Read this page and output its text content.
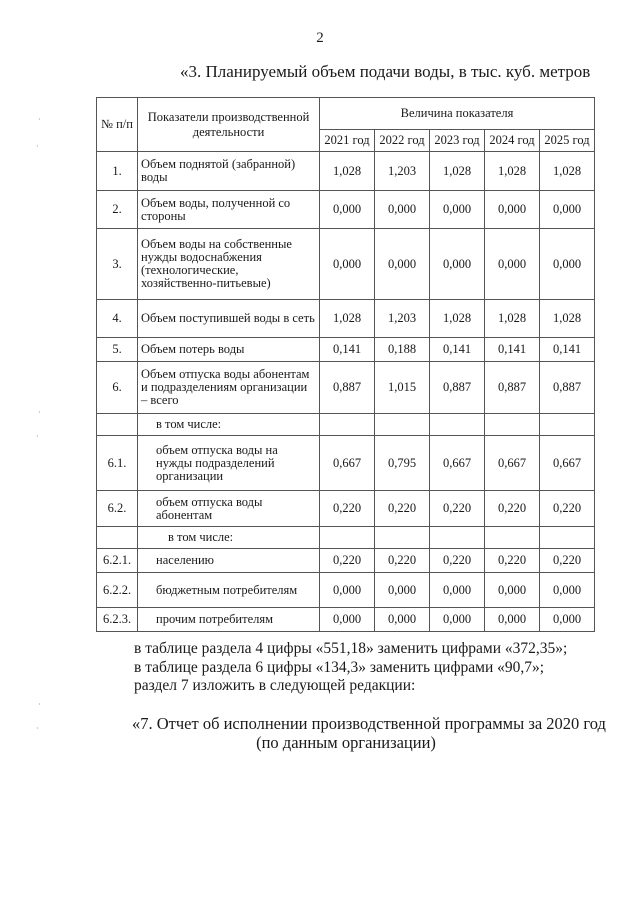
2
«3. Планируемый объем подачи воды, в тыс. куб. метров
№ п/п	Показатели производственной деятельности	Величина показателя				
		2021 год	2022 год	2023 год	2024 год	2025 год
1.	Объем поднятой (забранной) воды	1,028	1,203	1,028	1,028	1,028
2.	Объем воды, полученной со стороны	0,000	0,000	0,000	0,000	0,000
3.	Объем воды на собственные нужды водоснабжения (технологические, хозяйственно-питьевые)	0,000	0,000	0,000	0,000	0,000
4.	Объем поступившей воды в сеть	1,028	1,203	1,028	1,028	1,028
5.	Объем потерь воды	0,141	0,188	0,141	0,141	0,141
6.	Объем отпуска воды абонентам и подразделениям организации – всего	0,887	1,015	0,887	0,887	0,887
	в том числе:					
6.1.	объем отпуска воды на нужды подразделений организации	0,667	0,795	0,667	0,667	0,667
6.2.	объем отпуска воды абонентам	0,220	0,220	0,220	0,220	0,220
	в том числе:					
6.2.1.	населению	0,220	0,220	0,220	0,220	0,220
6.2.2.	бюджетным потребителям	0,000	0,000	0,000	0,000	0,000
6.2.3.	прочим потребителям	0,000	0,000	0,000	0,000	0,000
в таблице раздела 4 цифры «551,18» заменить цифрами «372,35»;
в таблице раздела 6 цифры «134,3» заменить цифрами «90,7»;
раздел 7 изложить в следующей редакции:
«7. Отчет об исполнении производственной программы за 2020 год
(по данным организации)
·
·
·
·
·
·
